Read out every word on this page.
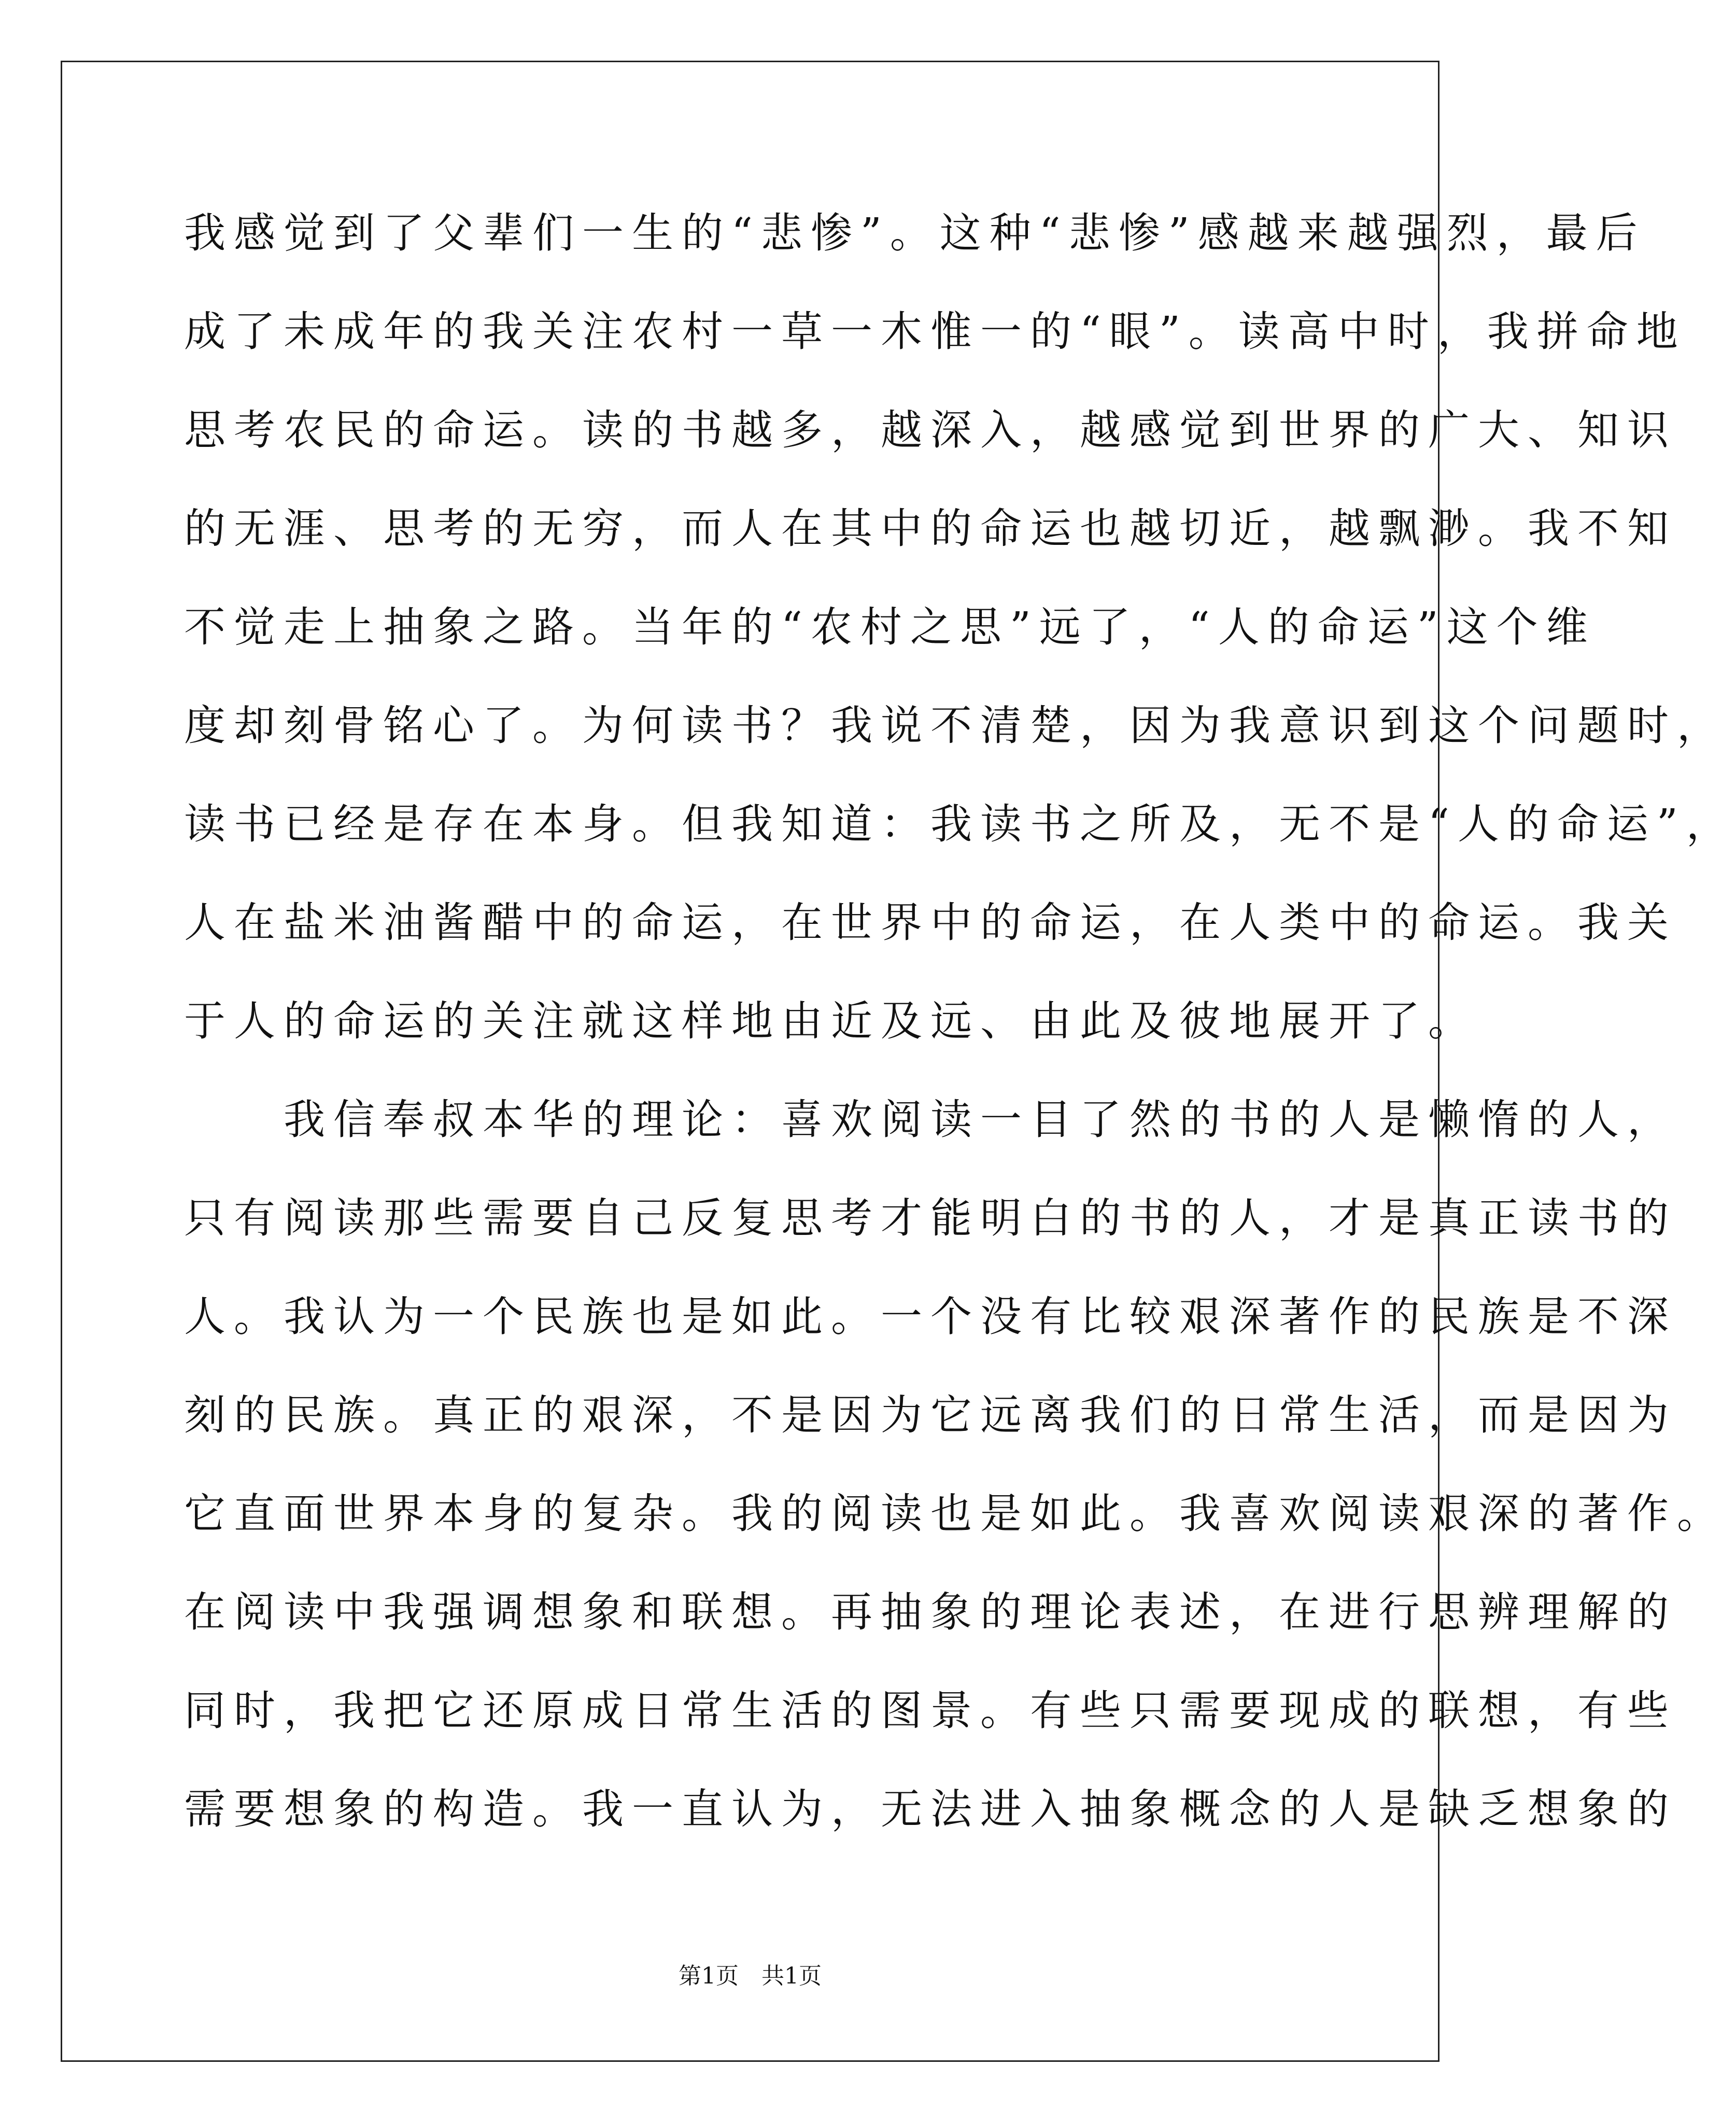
我感觉到了父辈们一生的“悲惨”。这种“悲惨”感越来越强烈，最后
成了未成年的我关注农村一草一木惟一的“眼”。读高中时，我拼命地
思考农民的命运。读的书越多，越深入，越感觉到世界的广大、知识
的无涯、思考的无穷，而人在其中的命运也越切近，越飘渺。我不知
不觉走上抽象之路。当年的“农村之思”远了，“人的命运”这个维
度却刻骨铭心了。为何读书？我说不清楚，因为我意识到这个问题时，
读书已经是存在本身。但我知道：我读书之所及，无不是“人的命运”，
人在盐米油酱醋中的命运，在世界中的命运，在人类中的命运。我关
于人的命运的关注就这样地由近及远、由此及彼地展开了。
　　我信奉叔本华的理论：喜欢阅读一目了然的书的人是懒惰的人，
只有阅读那些需要自己反复思考才能明白的书的人，才是真正读书的
人。我认为一个民族也是如此。一个没有比较艰深著作的民族是不深
刻的民族。真正的艰深，不是因为它远离我们的日常生活，而是因为
它直面世界本身的复杂。我的阅读也是如此。我喜欢阅读艰深的著作。
在阅读中我强调想象和联想。再抽象的理论表述，在进行思辨理解的
同时，我把它还原成日常生活的图景。有些只需要现成的联想，有些
需要想象的构造。我一直认为，无法进入抽象概念的人是缺乏想象的
第1页　共1页
